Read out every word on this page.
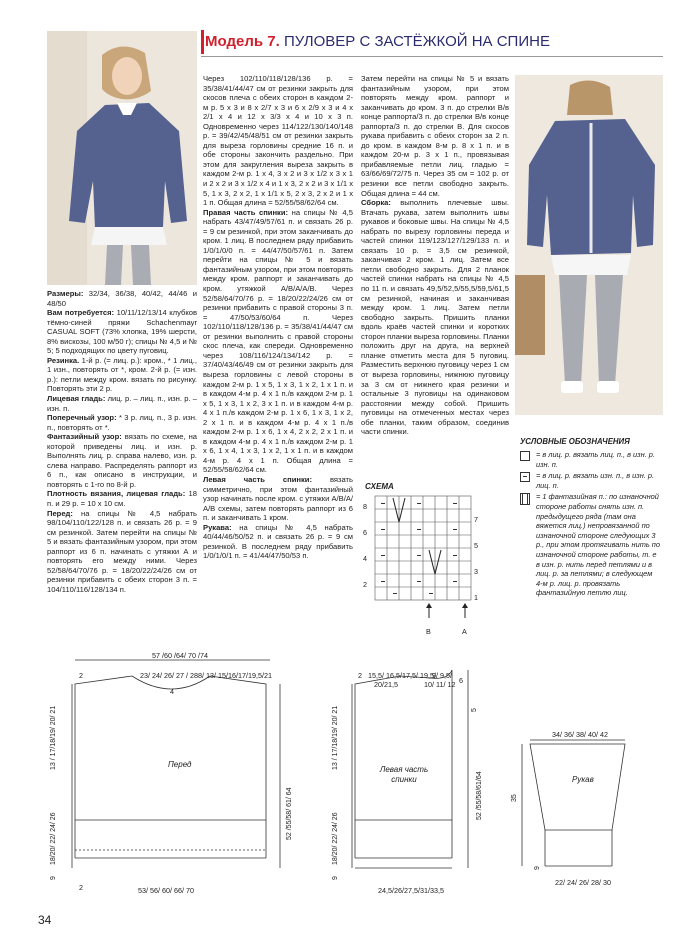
Модель 7. ПУЛОВЕР С ЗАСТЁЖКОЙ НА СПИНЕ

Размеры: 32/34, 36/38, 40/42, 44/46 и 48/50

Вам потребуется: 10/11/12/13/14 клубков тёмно-синей пряжи Schachenmayr CASUAL SOFT (73% хлопка, 19% шерсти, 8% вискозы, 100 м/50 г); спицы № 4,5 и № 5; 5 подходящих по цвету пуговиц.

Резинка. 1-й р. (= лиц. р.): кром., * 1 лиц., 1 изн., повторять от *, кром. 2-й р. (= изн. р.): петли между кром. вязать по рисунку. Повторять эти 2 р.

Лицевая гладь: лиц. р. – лиц. п., изн. р. – изн. п.

Поперечный узор: * 3 р. лиц. п., 3 р. изн. п., повторять от *.

Фантазийный узор: вязать по схеме, на которой приведены лиц. и изн. р. Выполнять лиц. р. справа налево, изн. р. слева направо. Распределять раппорт из 6 п., как описано в инструкции, и повторять с 1-го по 8-й р.

Плотность вязания, лицевая гладь: 18 п. и 29 р. = 10 х 10 см.

Перед: на спицы № 4,5 набрать 98/104/110/122/128 п. и связать 26 р. = 9 см резинкой. Затем перейти на спицы № 5 и вязать фантазийным узором, при этом раппорт из 6 п. начинать с утяжки А и повторять его между ними. Через 52/58/64/70/76 р. = 18/20/22/24/26 см от резинки прибавить с обеих сторон 3 п. = 104/110/116/128/134 п.

Через 102/110/118/128/136 р. = 35/38/41/44/47 см от резинки закрыть для скосов плеча с обеих сторон в каждом 2-м р. 5 х 3 и 8 х 2/7 х 3 и 6 х 2/9 х 3 и 4 х 2/1 х 4 и 12 х 3/3 х 4 и 10 х 3 п. Одновременно через 114/122/130/140/148 р. = 39/42/45/48/51 см от резинки закрыть для выреза горловины средние 16 п. и обе стороны закончить раздельно. При этом для закругления выреза закрыть в каждом 2-м р. 1 х 4, 3 х 2 и 3 х 1/2 х 3 х 1 и 2 х 2 и 3 х 1/2 х 4 и 1 х 3, 2 х 2 и 3 х 1/1 х 5, 1 х 3, 2 х 2, 1 х 1/1 х 5, 2 х 3, 2 х 2 и 1 х 1 п. Общая длина = 52/55/58/62/64 см.

Правая часть спинки: на спицы № 4,5 набрать 43/47/49/57/61 п. и связать 26 р. = 9 см резинкой, при этом заканчивать до кром. 1 лиц. В последнем ряду прибавить 1/0/1/0/0 п. = 44/47/50/57/61 п. Затем перейти на спицы № 5 и вязать фантазийным узором, при этом повторять между кром. раппорт и заканчивать до кром. утяжкой А/В/А/А/В. Через 52/58/64/70/76 р. = 18/20/22/24/26 см от резинки прибавить с правой стороны 3 п. = 47/50/53/60/64 п. Через 102/110/118/128/136 р. = 35/38/41/44/47 см от резинки выполнить с правой стороны скос плеча, как спереди. Одновременно через 108/116/124/134/142 р. = 37/40/43/46/49 см от резинки закрыть для выреза горловины с левой стороны в каждом 2-м р. 1 х 5, 1 х 3, 1 х 2, 1 х 1 п. и в каждом 4-м р. 4 х 1 п./в каждом 2-м р. 1 х 5, 1 х 3, 1 х 2, 3 х 1 п. и в каждом 4-м р. 4 х 1 п./в каждом 2-м р. 1 х 6, 1 х 3, 1 х 2, 2 х 1 п. и в каждом 4-м р. 4 х 1 п./в каждом 2-м р. 1 х 6, 1 х 4, 2 х 2, 2 х 1 п. и в каждом 4-м р. 4 х 1 п./в каждом 2-м р. 1 х 6, 1 х 4, 1 х 3, 1 х 2, 1 х 1 п. и в каждом 4-м р. 4 х 1 п. Общая длина = 52/55/58/62/64 см.

Левая часть спинки: вязать симметрично, при этом фантазийный узор начинать после кром. с утяжки А/В/А/А/В схемы, затем повторять раппорт из 6 п. и заканчивать 1 кром.

Рукава: на спицы № 4,5 набрать 40/44/46/50/52 п. и связать 26 р. = 9 см резинкой. В последнем ряду прибавить 1/0/1/0/1 п. = 41/44/47/50/53 п.

Затем перейти на спицы № 5 и вязать фантазийным узором, при этом повторять между кром. раппорт и заканчивать до кром. 3 п. до стрелки В/в конце раппорта/3 п. до стрелки В/в конце раппорта/3 п. до стрелки В. Для скосов рукава прибавить с обеих сторон за 2 п. до кром. в каждом 8-м р. 8 х 1 п. и в каждом 20-м р. 3 х 1 п., провязывая прибавляемые петли лиц. гладью = 63/66/69/72/75 п. Через 35 см = 102 р. от резинки все петли свободно закрыть. Общая длина = 44 см.

Сборка: выполнить плечевые швы. Втачать рукава, затем выполнить швы рукавов и боковые швы. На спицы № 4,5 набрать по вырезу горловины переда и частей спинки 119/123/127/129/133 п. и связать 10 р. = 3,5 см резинкой, заканчивая 2 кром. 1 лиц. Затем все петли свободно закрыть. Для 2 планок частей спинки набрать на спицы № 4,5 по 11 п. и связать 49,5/52,5/55,5/59,5/61,5 см резинкой, начиная и заканчивая между кром. 1 лиц. Затем петли свободно закрыть. Пришить планки вдоль краёв частей спинки и коротких сторон планки выреза горловины. Планки положить друг на друга, на верхней планке отметить места для 5 пуговиц. Разместить верхнюю пуговицу через 1 см от выреза горловины, нижнюю пуговицу за 3 см от нижнего края резинки и остальные 3 пуговицы на одинаковом расстоянии между собой. Пришить пуговицы на отмеченных местах через обе планки, таким образом, соединив части спинки.

СХЕМА
8
6
4
2
7
5
3
1
В	А
УСЛОВНЫЕ ОБОЗНАЧЕНИЯ
= в лиц. р. вязать лиц. п., в изн. р. изн. п.
= в лиц. р. вязать изн. п., в изн. р. лиц. п.
= 1 фантазийная п.: по изнаночной стороне работы снять изн. п. предыдущего ряда (там она вяжется лиц.) непровязанной по изнаночной стороне следующих 3 р., при этом протягивать нить по изнаночной стороне работы, т. е в изн. р. нить перед петлями и в лиц. р. за петлями; в следующем 4-м р. лиц. р. провязать фантазийную петлю лиц.
57 /60 /64/ 70 /74
2	23/ 24/ 26/ 27 / 28 8/ 13/ 15/16/17/19,5/21
4
Перед
52 /55/58/ 61/ 64
13 / 17/18/19/ 20/ 21
18/20/ 22/ 24/ 26
9
2	53/ 56/ 60/ 66/ 70
2 15,5/ 16,5/17,5/ 19,5/
20/21,5
9/ 9,5/
10/ 11/ 12 6
Левая часть спинки
5
52 /55/58/61/64
13 / 17/18/19/ 20/ 21
18/20/ 22/ 24/ 26
9
24,5/26/27,5/31/33,5
34/ 36/ 38/ 40/ 42
Рукав
35
9
22/ 24/ 26/ 28/ 30
34
